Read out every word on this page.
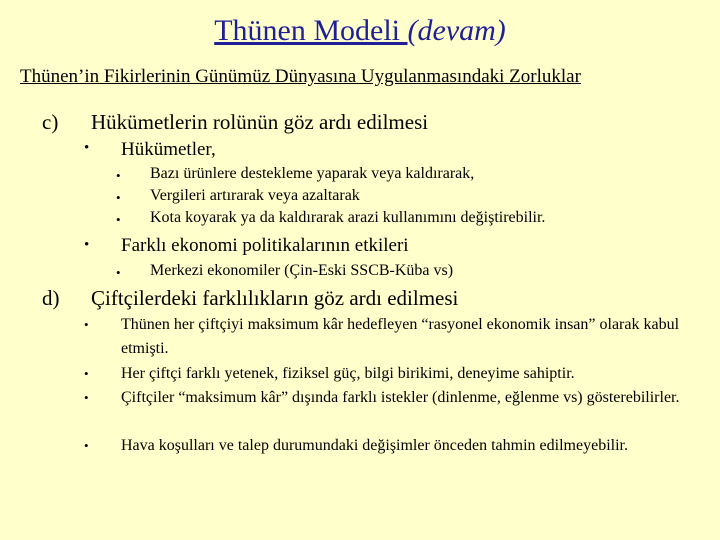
Thünen Modeli (devam)
Thünen’in Fikirlerinin Günümüz Dünyasına Uygulanmasındaki Zorluklar
c) Hükümetlerin rolünün göz ardı edilmesi
• Hükümetler,
• Bazı ürünlere destekleme yaparak veya kaldırarak,
• Vergileri artırarak veya azaltarak
• Kota koyarak ya da kaldırarak arazi kullanımını değiştirebilir.
• Farklı ekonomi politikalarının etkileri
• Merkezi ekonomiler (Çin-Eski SSCB-Küba vs)
d) Çiftçilerdeki farklılıkların göz ardı edilmesi
• Thünen her çiftçiyi maksimum kâr hedefleyen “rasyonel ekonomik insan” olarak kabul etmişti.
• Her çiftçi farklı yetenek, fiziksel güç, bilgi birikimi, deneyime sahiptir.
• Çiftçiler “maksimum kâr” dışında farklı istekler (dinlenme, eğlenme vs) gösterebilirler.
• Hava koşulları ve talep durumundaki değişimler önceden tahmin edilmeyebilir.
